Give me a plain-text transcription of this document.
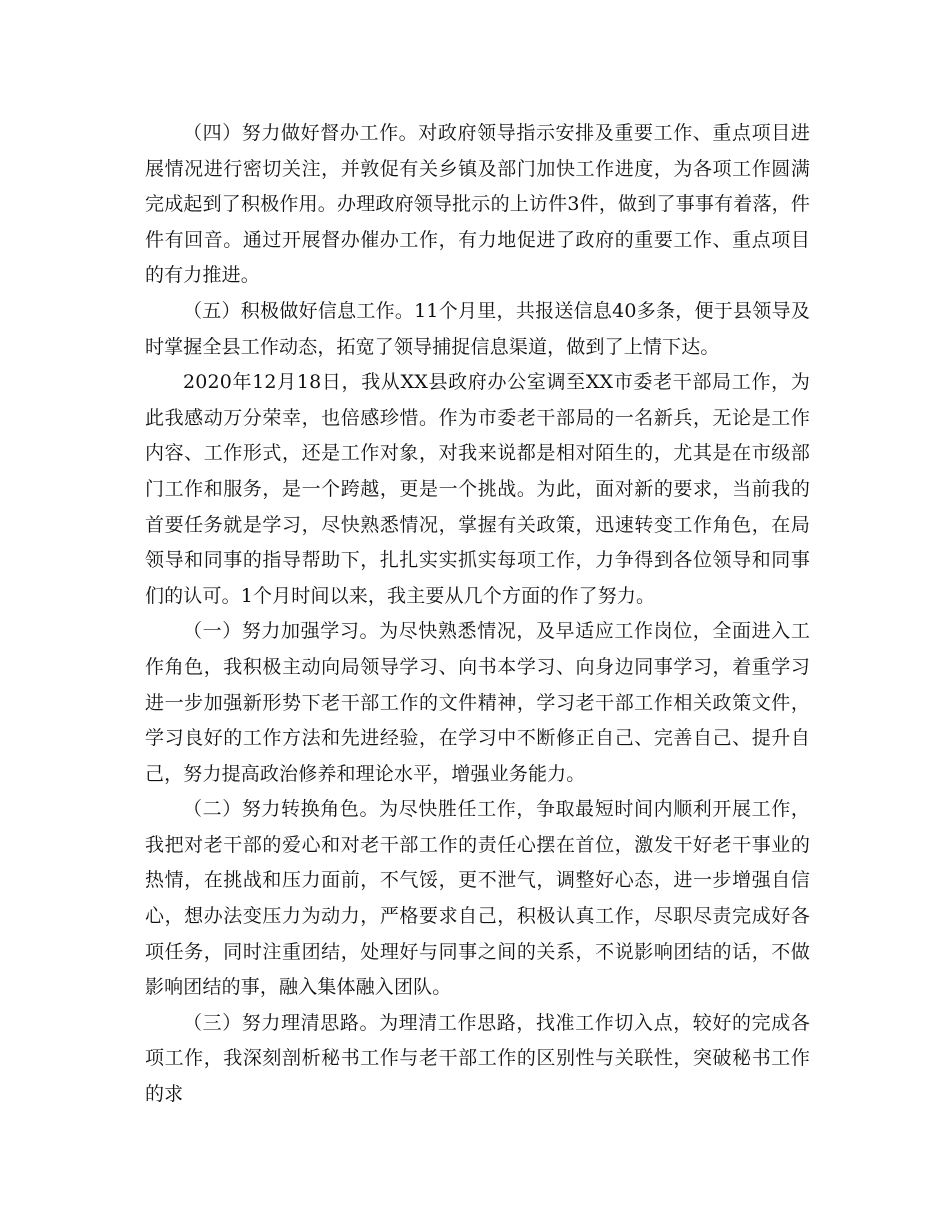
（四）努力做好督办工作。对政府领导指示安排及重要工作、重点项目进展情况进行密切关注，并敦促有关乡镇及部门加快工作进度，为各项工作圆满完成起到了积极作用。办理政府领导批示的上访件3件，做到了事事有着落，件件有回音。通过开展督办催办工作，有力地促进了政府的重要工作、重点项目的有力推进。

（五）积极做好信息工作。11个月里，共报送信息40多条，便于县领导及时掌握全县工作动态，拓宽了领导捕捉信息渠道，做到了上情下达。

2020年12月18日，我从XX县政府办公室调至XX市委老干部局工作，为此我感动万分荣幸，也倍感珍惜。作为市委老干部局的一名新兵，无论是工作内容、工作形式，还是工作对象，对我来说都是相对陌生的，尤其是在市级部门工作和服务，是一个跨越，更是一个挑战。为此，面对新的要求，当前我的首要任务就是学习，尽快熟悉情况，掌握有关政策，迅速转变工作角色，在局领导和同事的指导帮助下，扎扎实实抓实每项工作，力争得到各位领导和同事们的认可。1个月时间以来，我主要从几个方面的作了努力。

（一）努力加强学习。为尽快熟悉情况，及早适应工作岗位，全面进入工作角色，我积极主动向局领导学习、向书本学习、向身边同事学习，着重学习进一步加强新形势下老干部工作的文件精神，学习老干部工作相关政策文件，学习良好的工作方法和先进经验，在学习中不断修正自己、完善自己、提升自己，努力提高政治修养和理论水平，增强业务能力。

（二）努力转换角色。为尽快胜任工作，争取最短时间内顺利开展工作，我把对老干部的爱心和对老干部工作的责任心摆在首位，激发干好老干事业的热情，在挑战和压力面前，不气馁，更不泄气，调整好心态，进一步增强自信心，想办法变压力为动力，严格要求自己，积极认真工作，尽职尽责完成好各项任务，同时注重团结，处理好与同事之间的关系，不说影响团结的话，不做影响团结的事，融入集体融入团队。

（三）努力理清思路。为理清工作思路，找准工作切入点，较好的完成各项工作，我深刻剖析秘书工作与老干部工作的区别性与关联性，突破秘书工作的求
